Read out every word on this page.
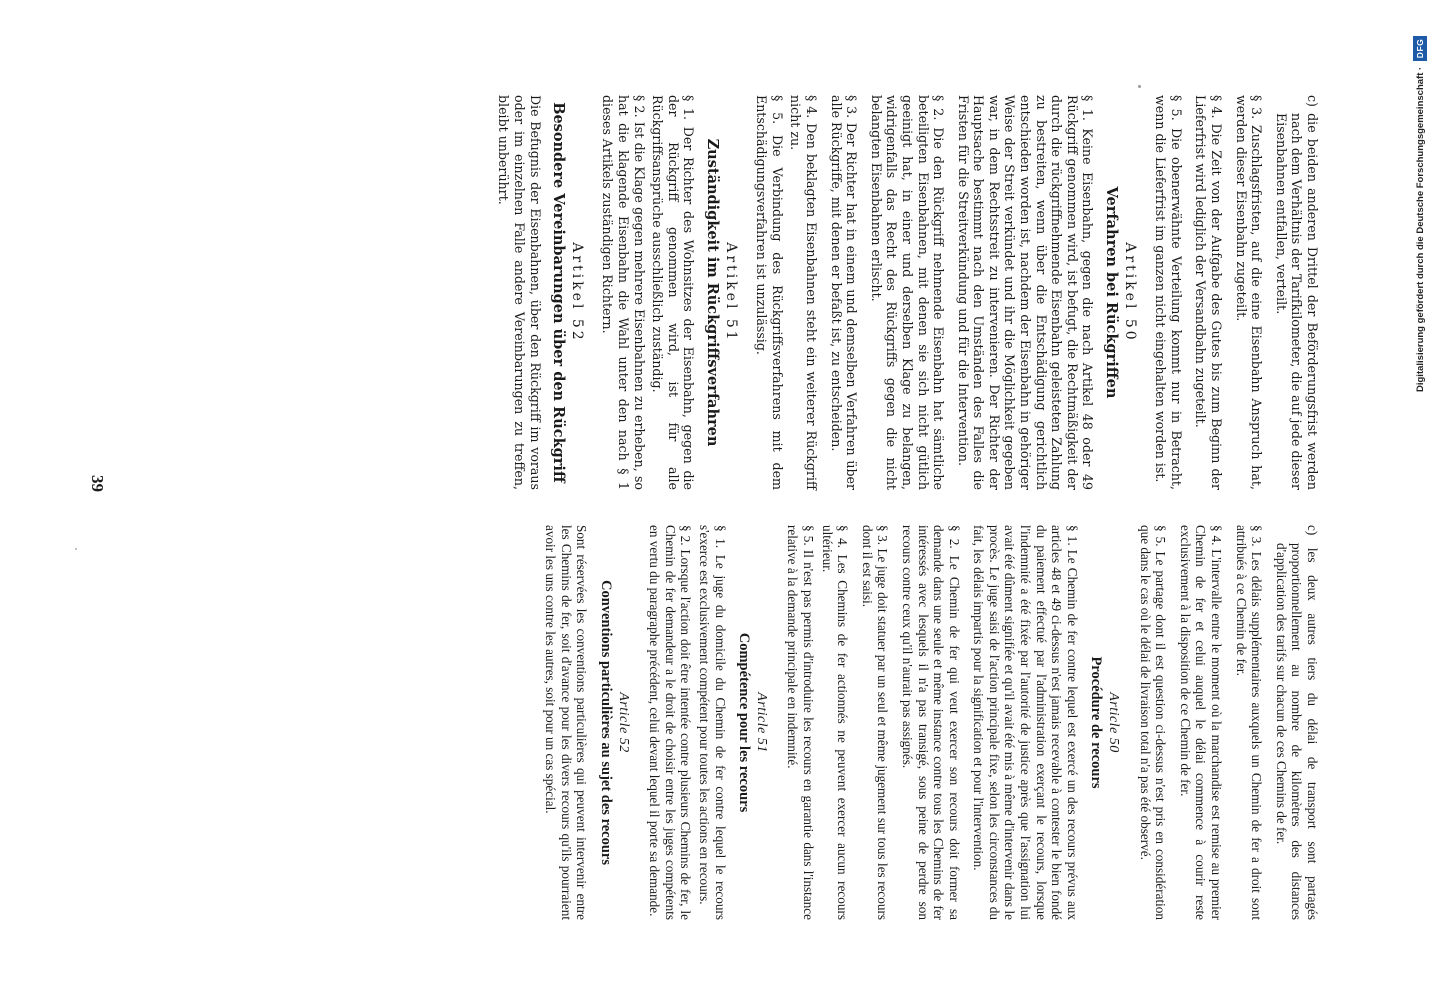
39	c) die beiden anderen Drittel der Beförderungsfrist werden nach dem Verhältnis der Tarifkilometer, die auf jede dieser Eisenbahnen entfallen, verteilt.

§ 3. Zuschlagsfristen, auf die eine Eisenbahn Anspruch hat, werden dieser Eisenbahn zugeteilt.

§ 4. Die Zeit von der Aufgabe des Gutes bis zum Beginn der Lieferfrist wird lediglich der Versandbahn zugeteilt.

§ 5. Die obenerwähnte Verteilung kommt nur in Betracht, wenn die Lieferfrist im ganzen nicht eingehalten worden ist.

Artikel 50
Verfahren bei Rückgriffen

§ 1. Keine Eisenbahn, gegen die nach Artikel 48 oder 49 Rückgriff genommen wird, ist befugt, die Rechtmäßigkeit der durch die rückgriffnehmende Eisenbahn geleisteten Zahlung zu bestreiten, wenn über die Entschädigung gerichtlich entschieden worden ist, nachdem der Eisenbahn in gehöriger Weise der Streit verkündet und ihr die Möglichkeit gegeben war, in dem Rechtsstreit zu intervenieren. Der Richter der Hauptsache bestimmt nach den Umständen des Falles die Fristen für die Streitverkündung und für die Intervention.

§ 2. Die den Rückgriff nehmende Eisenbahn hat sämtliche beteiligten Eisenbahnen, mit denen sie sich nicht gütlich geeinigt hat, in einer und derselben Klage zu belangen, widrigenfalls das Recht des Rückgriffs gegen die nicht belangten Eisenbahnen erlischt.

§ 3. Der Richter hat in einem und demselben Verfahren über alle Rückgriffe, mit denen er befaßt ist, zu entscheiden.

§ 4. Den beklagten Eisenbahnen steht ein weiterer Rückgriff nicht zu.

§ 5. Die Verbindung des Rückgriffsverfahrens mit dem Entschädigungsverfahren ist unzulässig.

Artikel 51
Zuständigkeit im Rückgriffsverfahren

§ 1. Der Richter des Wohnsitzes der Eisenbahn, gegen die der Rückgriff genommen wird, ist für alle Rückgriffsansprüche ausschließlich zuständig.

§ 2. Ist die Klage gegen mehrere Eisenbahnen zu erheben, so hat die klagende Eisenbahn die Wahl unter den nach § 1 dieses Artikels zuständigen Richtern.

Artikel 52
Besondere Vereinbarungen über den Rückgriff

Die Befugnis der Eisenbahnen, über den Rückgriff im voraus oder im einzelnen Falle andere Vereinbarungen zu treffen, bleibt unberührt.

c) les deux autres tiers du délai de transport sont partagés proportionnellement au nombre de kilomètres des distances d'application des tarifs sur chacun de ces Chemins de fer.

§ 3. Les délais supplémentaires auxquels un Chemin de fer a droit sont attribués à ce Chemin de fer.

§ 4. L'intervalle entre le moment où la marchandise est remise au premier Chemin de fer et celui auquel le délai commence à courir reste exclusivement à la disposition de ce Chemin de fer.

§ 5. Le partage dont il est question ci-dessus n'est pris en considération que dans le cas où le délai de livraison total n'a pas été observé.

Article 50
Procédure de recours

§ 1. Le Chemin de fer contre lequel est exercé un des recours prévus aux articles 48 et 49 ci-dessus n'est jamais recevable à contester le bien fondé du paiement effectué par l'administration exerçant le recours, lorsque l'indemnité a été fixée par l'autorité de justice après que l'assignation lui avait été dûment signifiée et qu'il avait été mis à même d'intervenir dans le procès. Le juge saisi de l'action principale fixe, selon les circonstances du fait, les délais impartis pour la signification et pour l'intervention.

§ 2. Le Chemin de fer qui veut exercer son recours doit former sa demande dans une seule et même instance contre tous les Chemins de fer intéressés avec lesquels il n'a pas transigé, sous peine de perdre son recours contre ceux qu'il n'aurait pas assignés.

§ 3. Le juge doit statuer par un seul et même jugement sur tous les recours dont il est saisi.

§ 4. Les Chemins de fer actionnés ne peuvent exercer aucun recours ultérieur.

§ 5. Il n'est pas permis d'introduire les recours en garantie dans l'instance relative à la demande principale en indemnité.

Article 51
Compétence pour les recours

§ 1. Le juge du domicile du Chemin de fer contre lequel le recours s'exerce est exclusivement compétent pour toutes les actions en recours.

§ 2. Lorsque l'action doit être intentée contre plusieurs Chemins de fer, le Chemin de fer demandeur a le droit de choisir entre les juges compétents en vertu du paragraphe précédent, celui devant lequel il porte sa demande.

Article 52
Conventions particulières au sujet des recours

Sont réservées les conventions particulières qui peuvent intervenir entre les Chemins de fer, soit d'avance pour les divers recours qu'ils pourraient avoir les uns contre les autres, soit pour un cas spécial.

Digitalisierung gefördert durch die Deutsche Forschungsgemeinschaft · DFG
